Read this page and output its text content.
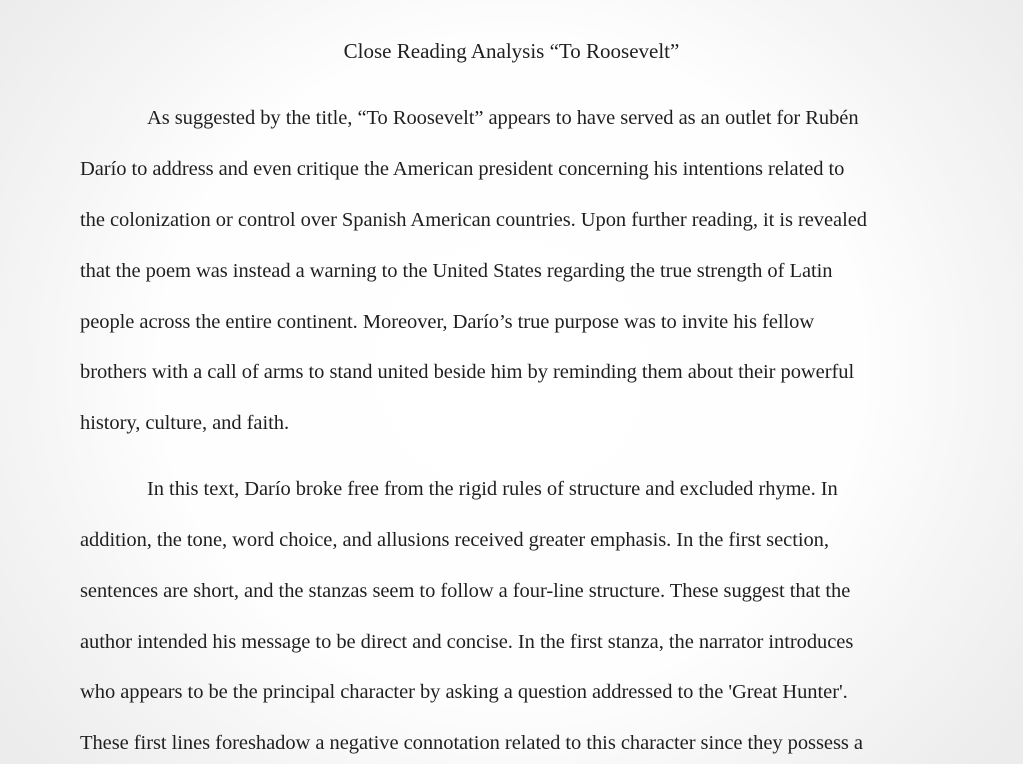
Close Reading Analysis “To Roosevelt”
As suggested by the title, “To Roosevelt” appears to have served as an outlet for Rubén
Darío to address and even critique the American president concerning his intentions related to
the colonization or control over Spanish American countries. Upon further reading, it is revealed
that the poem was instead a warning to the United States regarding the true strength of Latin
people across the entire continent. Moreover, Darío’s true purpose was to invite his fellow
brothers with a call of arms to stand united beside him by reminding them about their powerful
history, culture, and faith.
In this text, Darío broke free from the rigid rules of structure and excluded rhyme. In
addition, the tone, word choice, and allusions received greater emphasis. In the first section,
sentences are short, and the stanzas seem to follow a four-line structure. These suggest that the
author intended his message to be direct and concise. In the first stanza, the narrator introduces
who appears to be the principal character by asking a question addressed to the 'Great Hunter'.
These first lines foreshadow a negative connotation related to this character since they possess a
